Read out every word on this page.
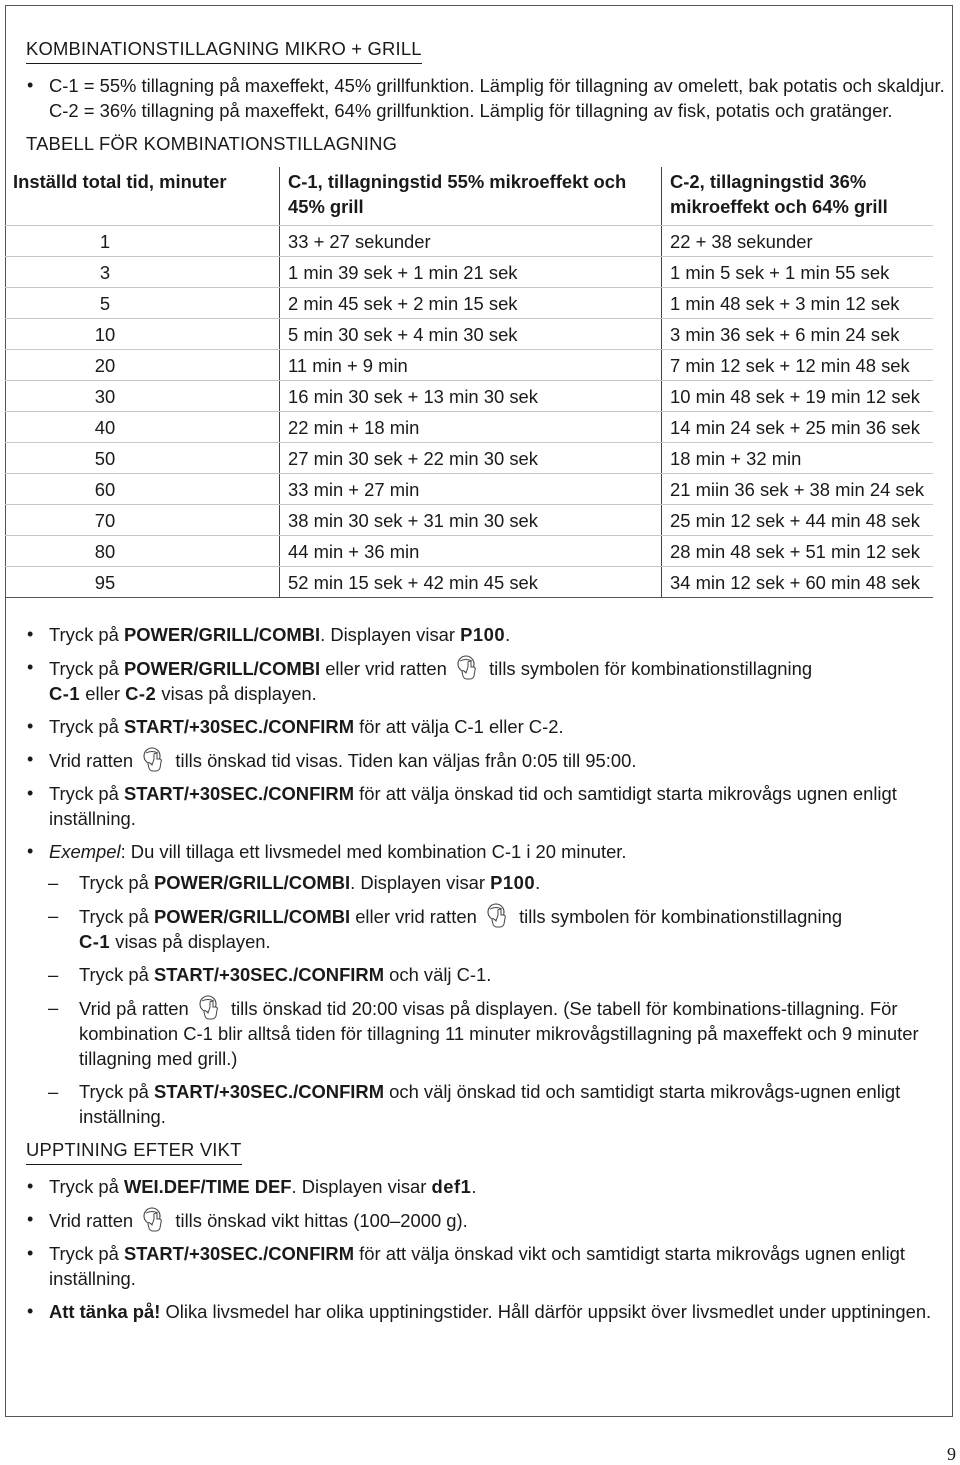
KOMBINATIONSTILLAGNING MIKRO + GRILL
• C-1 = 55% tillagning på maxeffekt, 45% grillfunktion. Lämplig för tillagning av omelett, bak potatis och skaldjur.
C-2 = 36% tillagning på maxeffekt, 64% grillfunktion. Lämplig för tillagning av fisk, potatis och gratänger.
TABELL FÖR KOMBINATIONSTILLAGNING
Inställd total tid, minuter	C-1, tillagningstid 55% mikroeffekt och 45% grill	C-2, tillagningstid 36% mikroeffekt och 64% grill
1	33 + 27 sekunder	22 + 38 sekunder
3	1 min 39 sek + 1 min 21 sek	1 min 5 sek + 1 min 55 sek
5	2 min 45 sek + 2 min 15 sek	1 min 48 sek + 3 min 12 sek
10	5 min 30 sek + 4 min 30 sek	3 min 36 sek + 6 min 24 sek
20	11 min + 9 min	7 min 12 sek + 12 min 48 sek
30	16 min 30 sek + 13 min 30 sek	10 min 48 sek + 19 min 12 sek
40	22 min + 18 min	14 min 24 sek + 25 min 36 sek
50	27 min 30 sek + 22 min 30 sek	18 min + 32 min
60	33 min + 27 min	21 miin 36 sek + 38 min 24 sek
70	38 min 30 sek + 31 min 30 sek	25 min 12 sek + 44 min 48 sek
80	44 min + 36 min	28 min 48 sek + 51 min 12 sek
95	52 min 15 sek + 42 min 45 sek	34 min 12 sek + 60 min 48 sek
• Tryck på POWER/GRILL/COMBI. Displayen visar P100.
• Tryck på POWER/GRILL/COMBI eller vrid ratten  tills symbolen för kombinationstillagning
C-1 eller C-2 visas på displayen.
• Tryck på START/+30SEC./CONFIRM för att välja C-1 eller C-2.
• Vrid ratten  tills önskad tid visas. Tiden kan väljas från 0:05 till 95:00.
• Tryck på START/+30SEC./CONFIRM för att välja önskad tid och samtidigt starta mikrovågs ugnen enligt inställning.
• Exempel: Du vill tillaga ett livsmedel med kombination C-1 i 20 minuter.
– Tryck på POWER/GRILL/COMBI. Displayen visar P100.
– Tryck på POWER/GRILL/COMBI eller vrid ratten  tills symbolen för kombinationstillagning
C-1 visas på displayen.
– Tryck på START/+30SEC./CONFIRM och välj C-1.
– Vrid på ratten  tills önskad tid 20:00 visas på displayen. (Se tabell för kombinations-tillagning. För kombination C-1 blir alltså tiden för tillagning 11 minuter mikrovågstillagning på maxeffekt och 9 minuter tillagning med grill.)
– Tryck på START/+30SEC./CONFIRM och välj önskad tid och samtidigt starta mikrovågs-ugnen enligt inställning.
UPPTINING EFTER VIKT
• Tryck på WEI.DEF/TIME DEF. Displayen visar def1.
• Vrid ratten  tills önskad vikt hittas (100–2000 g).
• Tryck på START/+30SEC./CONFIRM för att välja önskad vikt och samtidigt starta mikrovågs ugnen enligt inställning.
• Att tänka på! Olika livsmedel har olika upptiningstider. Håll därför uppsikt över livsmedlet under upptiningen.
9
